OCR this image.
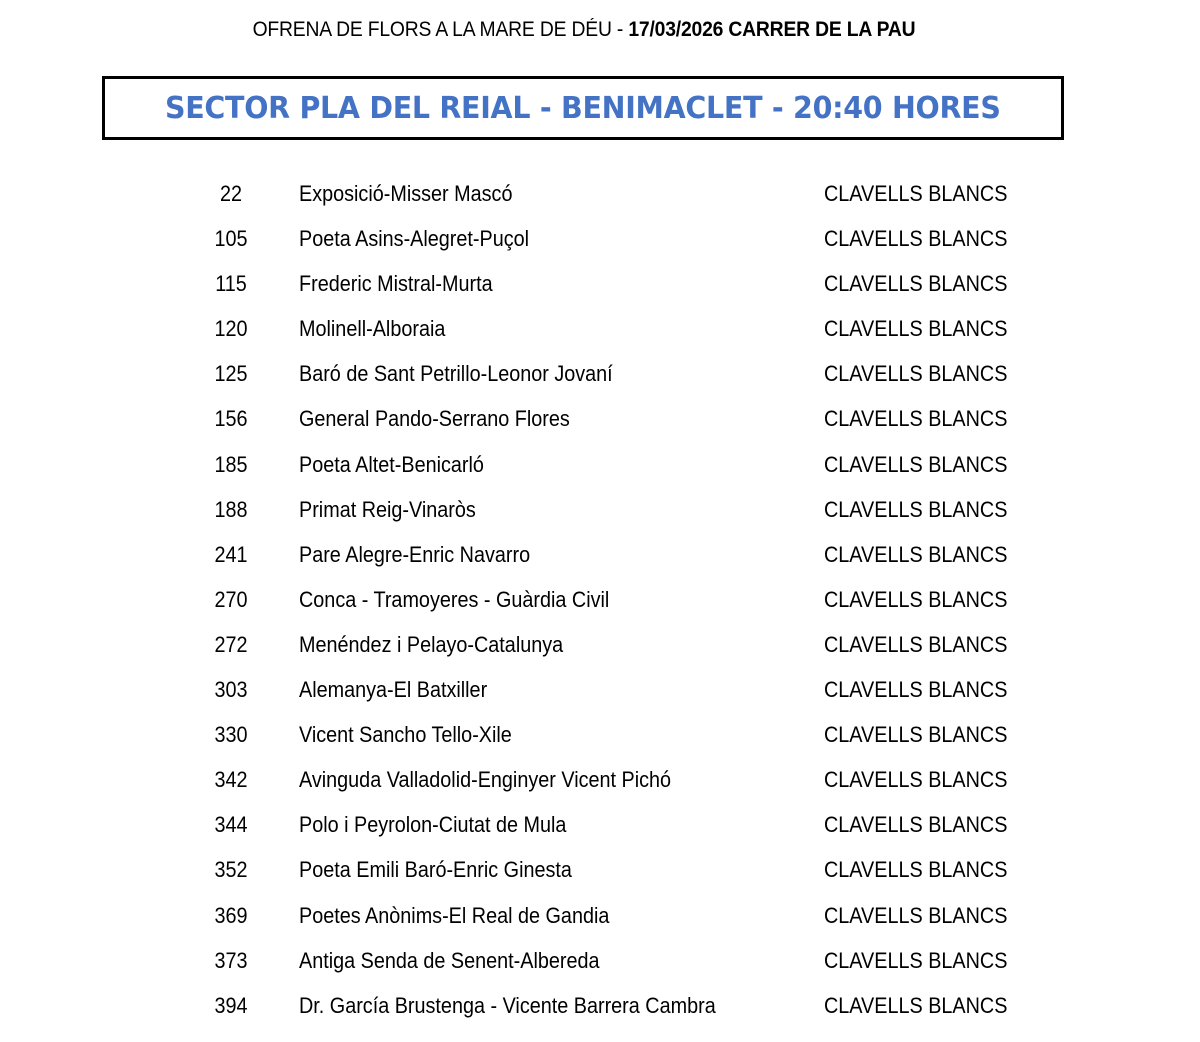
OFRENA DE FLORS A LA MARE DE DÉU - 17/03/2026 CARRER DE LA PAU
SECTOR PLA DEL REIAL - BENIMACLET - 20:40 HORES
22	Exposició-Misser Mascó	CLAVELLS BLANCS
105	Poeta Asins-Alegret-Puçol	CLAVELLS BLANCS
115	Frederic Mistral-Murta	CLAVELLS BLANCS
120	Molinell-Alboraia	CLAVELLS BLANCS
125	Baró de Sant Petrillo-Leonor Jovaní	CLAVELLS BLANCS
156	General Pando-Serrano Flores	CLAVELLS BLANCS
185	Poeta Altet-Benicarló	CLAVELLS BLANCS
188	Primat Reig-Vinaròs	CLAVELLS BLANCS
241	Pare Alegre-Enric Navarro	CLAVELLS BLANCS
270	Conca - Tramoyeres - Guàrdia Civil	CLAVELLS BLANCS
272	Menéndez i Pelayo-Catalunya	CLAVELLS BLANCS
303	Alemanya-El Batxiller	CLAVELLS BLANCS
330	Vicent Sancho Tello-Xile	CLAVELLS BLANCS
342	Avinguda Valladolid-Enginyer Vicent Pichó	CLAVELLS BLANCS
344	Polo i Peyrolon-Ciutat de Mula	CLAVELLS BLANCS
352	Poeta Emili Baró-Enric Ginesta	CLAVELLS BLANCS
369	Poetes Anònims-El Real de Gandia	CLAVELLS BLANCS
373	Antiga Senda de Senent-Albereda	CLAVELLS BLANCS
394	Dr. García Brustenga - Vicente Barrera Cambra	CLAVELLS BLANCS
